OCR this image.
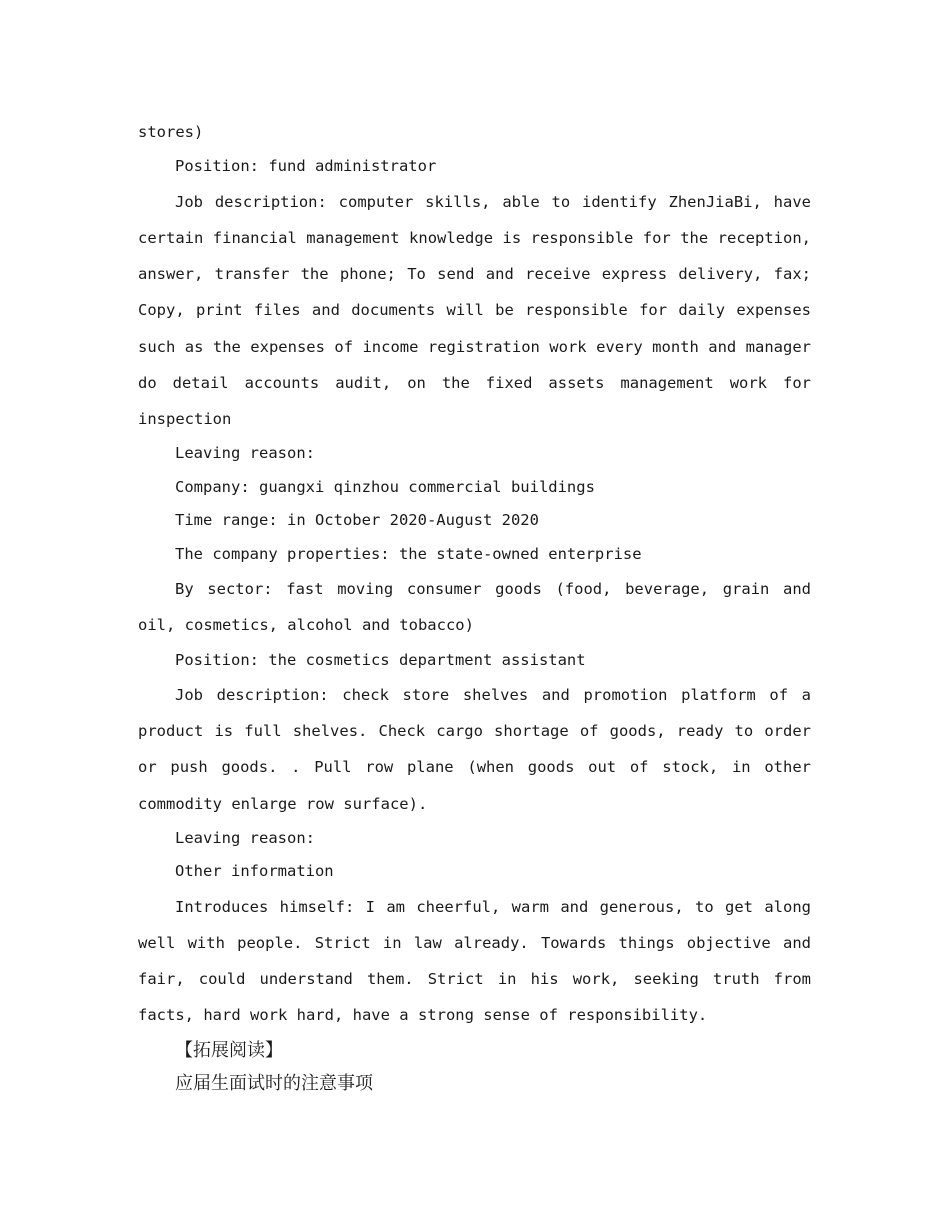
stores)

Position: fund administrator

Job description: computer skills, able to identify ZhenJiaBi, have certain financial management knowledge is responsible for the reception, answer, transfer the phone; To send and receive express delivery, fax; Copy, print files and documents will be responsible for daily expenses such as the expenses of income registration work every month and manager do detail accounts audit, on the fixed assets management work for inspection

Leaving reason:

Company: guangxi qinzhou commercial buildings

Time range: in October 2020-August 2020

The company properties: the state-owned enterprise

By sector: fast moving consumer goods (food, beverage, grain and oil, cosmetics, alcohol and tobacco)

Position: the cosmetics department assistant

Job description: check store shelves and promotion platform of a product is full shelves. Check cargo shortage of goods, ready to order or push goods. . Pull row plane (when goods out of stock, in other commodity enlarge row surface).

Leaving reason:

Other information

Introduces himself: I am cheerful, warm and generous, to get along well with people. Strict in law already. Towards things objective and fair, could understand them. Strict in his work, seeking truth from facts, hard work hard, have a strong sense of responsibility.

【拓展阅读】

应届生面试时的注意事项
